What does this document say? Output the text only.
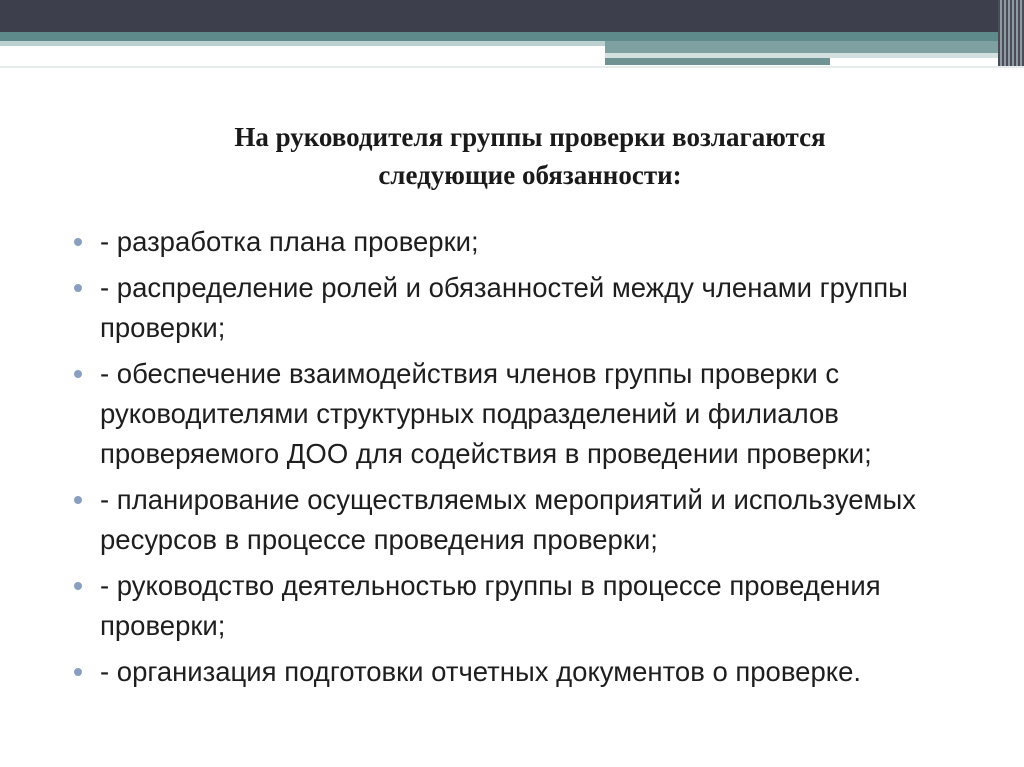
На руководителя группы проверки возлагаются
следующие обязанности:
- разработка плана проверки;
- распределение ролей и обязанностей между членами группы проверки;
- обеспечение взаимодействия членов группы проверки с руководителями структурных подразделений и филиалов проверяемого ДОО для содействия в проведении проверки;
- планирование осуществляемых мероприятий и используемых ресурсов в процессе проведения проверки;
- руководство деятельностью группы в процессе проведения проверки;
- организация подготовки отчетных документов о проверке.
